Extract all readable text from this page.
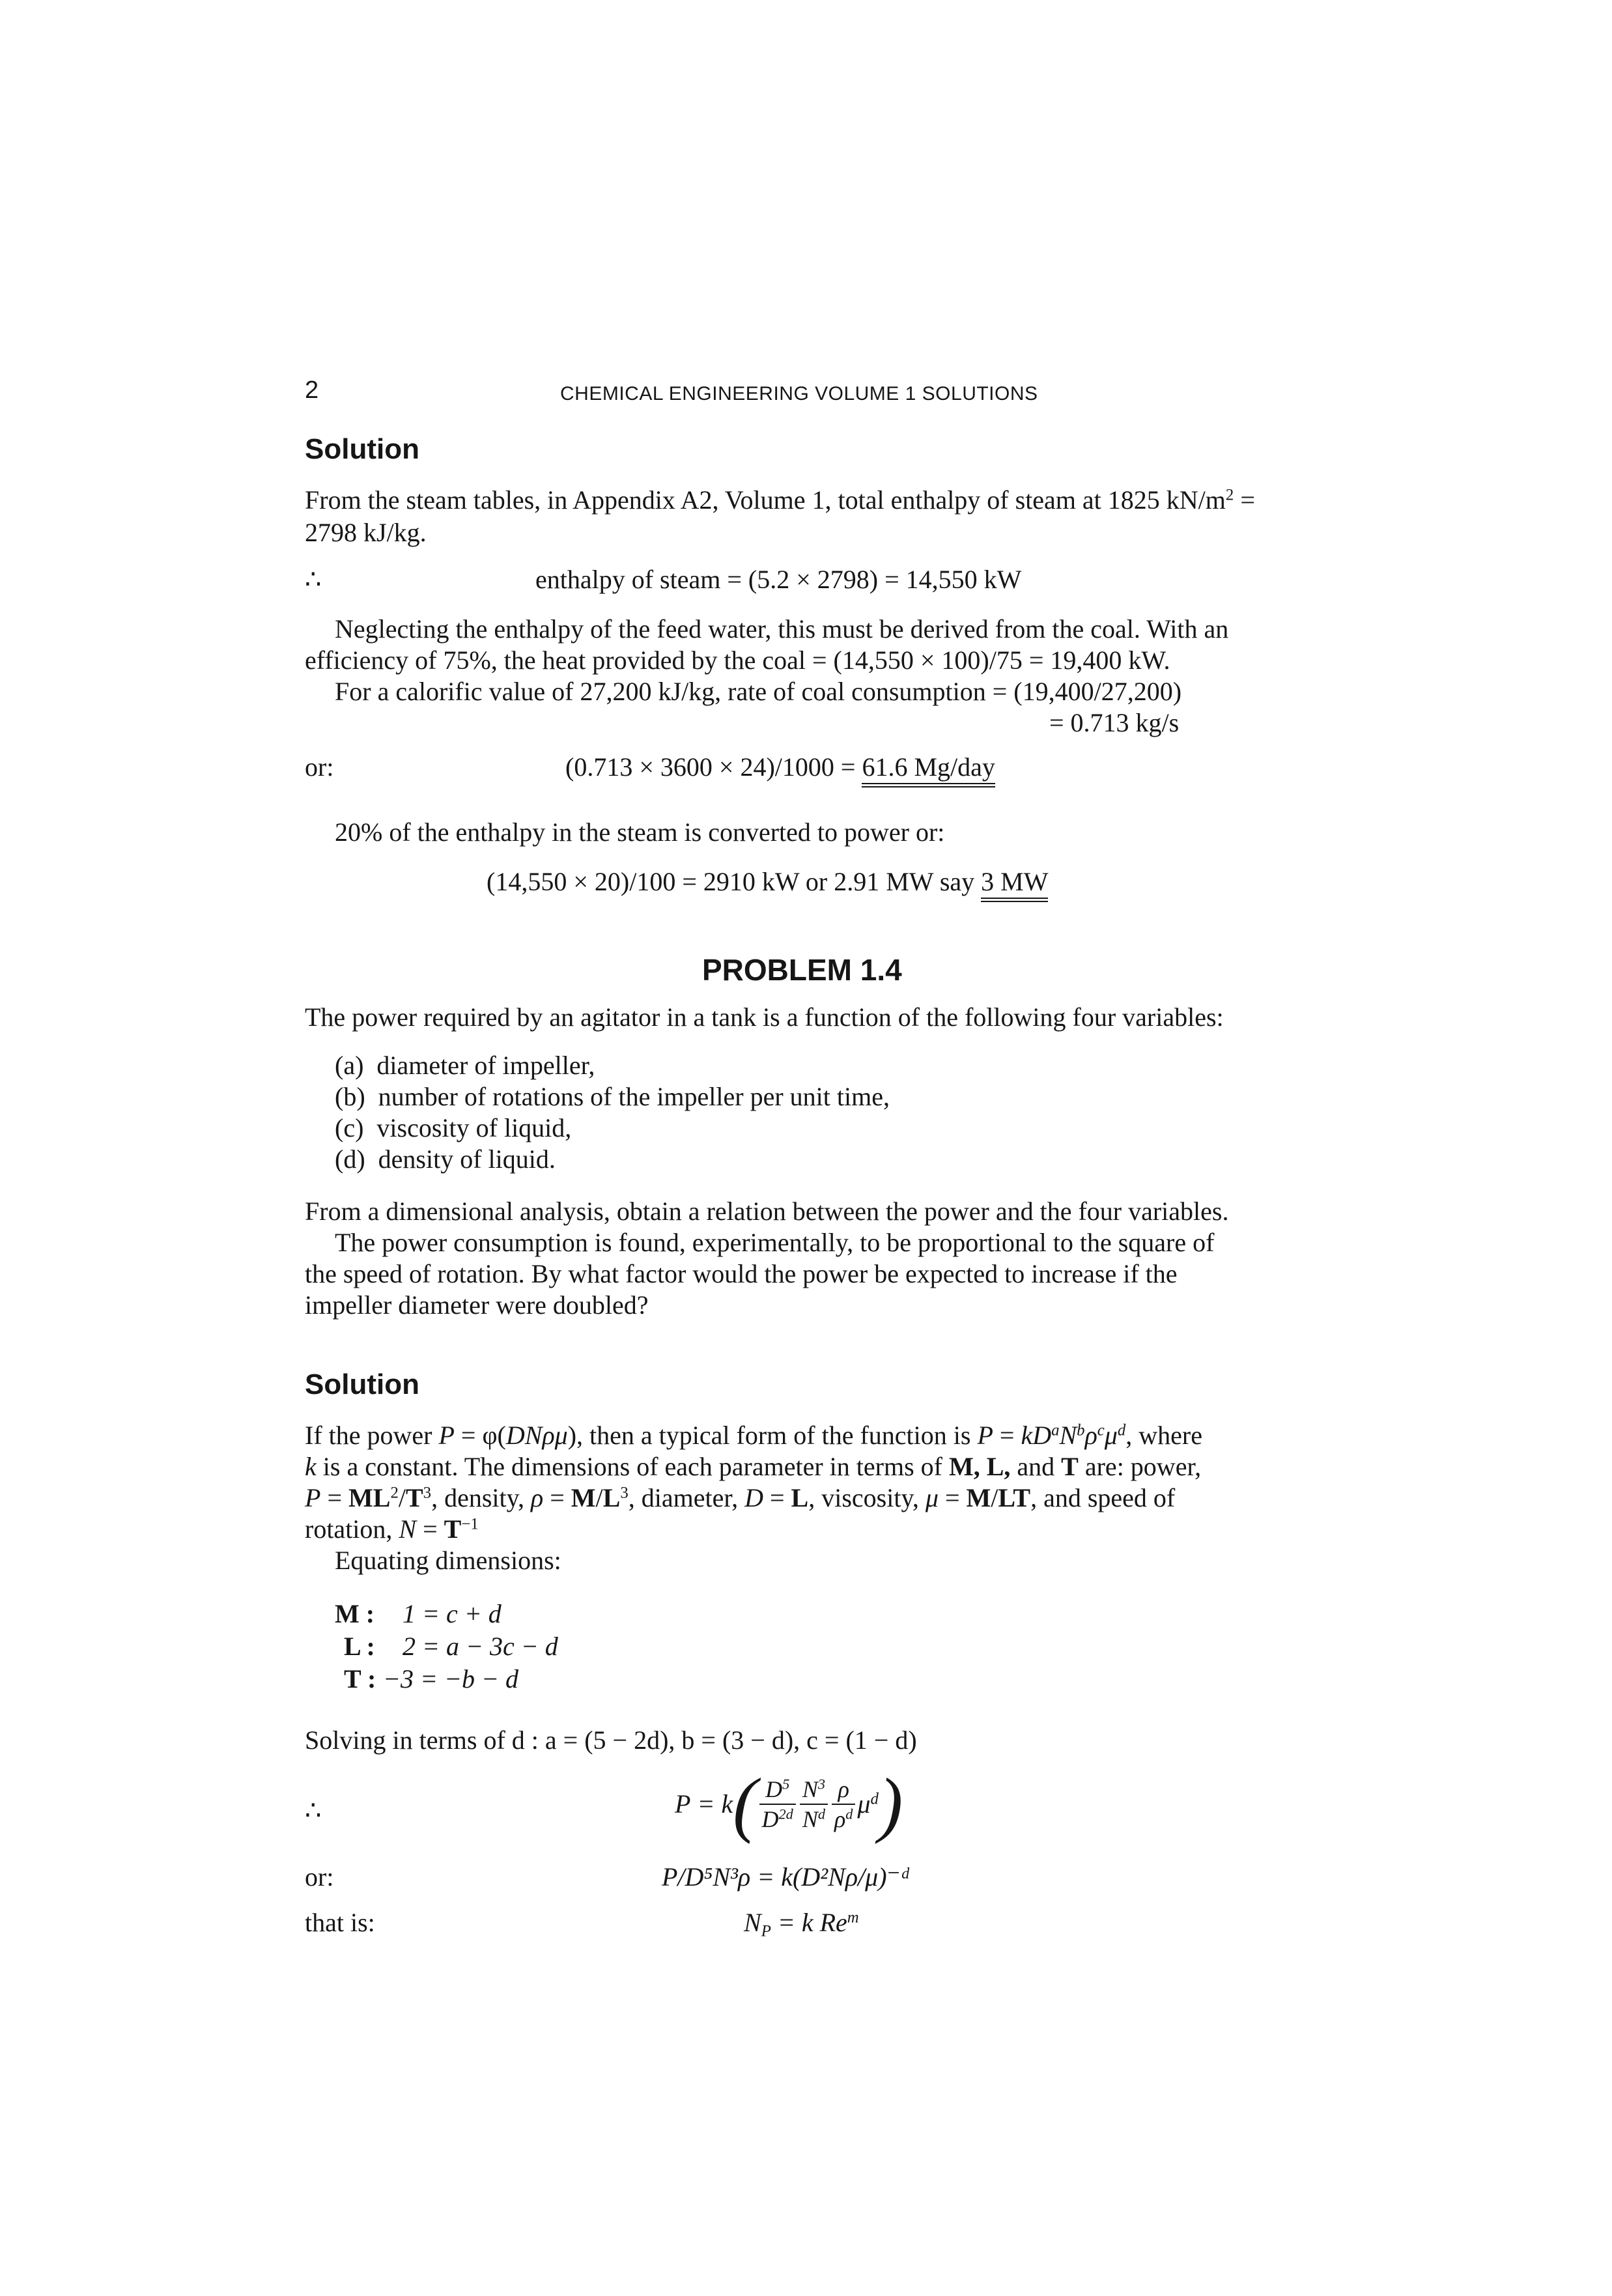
2	CHEMICAL ENGINEERING VOLUME 1 SOLUTIONS
Solution
From the steam tables, in Appendix A2, Volume 1, total enthalpy of steam at 1825 $kN/m^2$ =
2798 kJ/kg.
∴	enthalpy of steam = (5.2 × 2798) = 14,550 kW
Neglecting the enthalpy of the feed water, this must be derived from the coal. With an
efficiency of 75%, the heat provided by the coal = (14,550 × 100)/75 = 19,400 kW.
For a calorific value of 27,200 kJ/kg, rate of coal consumption = (19,400/27,200)
= 0.713 kg/s
or:	(0.713 × 3600 × 24)/1000 = 61.6 Mg/day
20% of the enthalpy in the steam is converted to power or:
(14,550 × 20)/100 = 2910 kW or 2.91 MW say 3 MW
PROBLEM 1.4
The power required by an agitator in a tank is a function of the following four variables:
(a) diameter of impeller,
(b) number of rotations of the impeller per unit time,
(c) viscosity of liquid,
(d) density of liquid.
From a dimensional analysis, obtain a relation between the power and the four variables.
The power consumption is found, experimentally, to be proportional to the square of
the speed of rotation. By what factor would the power be expected to increase if the
impeller diameter were doubled?
Solution
If the power P = φ(DNρμ), then a typical form of the function is $P = kD^aN^b\rho^c\mu^d$, where
k is a constant. The dimensions of each parameter in terms of M, L, and T are: power,
$P = ML^2/T^3$, density, $\rho = M/L^3$, diameter, D = L, viscosity, μ = M/LT, and speed of
rotation, $N = T^{-1}$
Equating dimensions:
M : 1 = c + d
L : 2 = a − 3c − d
T : −3 = −b − d
Solving in terms of d : a = (5 − 2d), b = (3 − d), c = (1 − d)
∴	P = k ( $\frac{D^5}{D^{2d}} \frac{N^3}{N^d} \frac{\rho}{\rho^d} \mu^d$ )
or:	P/D⁵N³ρ = k(D²Nρ/μ)⁻ᵈ
that is:	$N_P = k$ Re$^m$
